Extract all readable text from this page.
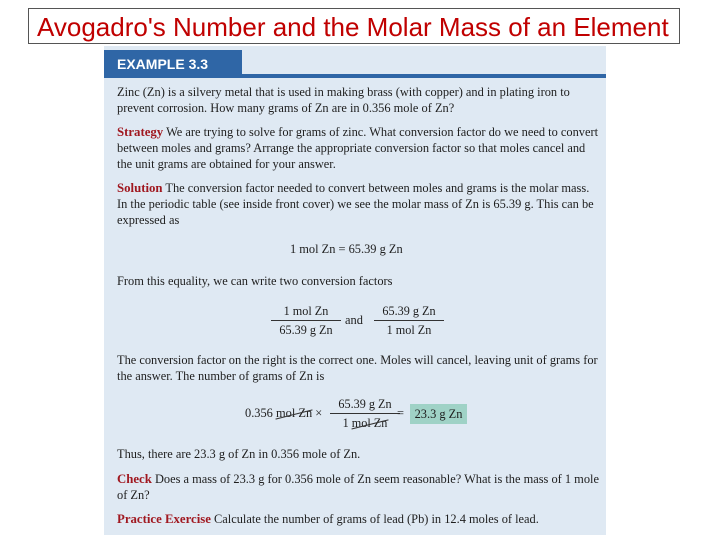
Avogadro's Number and the Molar Mass of an Element
EXAMPLE 3.3
Zinc (Zn) is a silvery metal that is used in making brass (with copper) and in plating iron to prevent corrosion. How many grams of Zn are in 0.356 mole of Zn?
Strategy We are trying to solve for grams of zinc. What conversion factor do we need to convert between moles and grams? Arrange the appropriate conversion factor so that moles cancel and the unit grams are obtained for your answer.
Solution The conversion factor needed to convert between moles and grams is the molar mass. In the periodic table (see inside front cover) we see the molar mass of Zn is 65.39 g. This can be expressed as
1 mol Zn = 65.39 g Zn
From this equality, we can write two conversion factors
1 mol Zn
65.39 g Zn
and
65.39 g Zn
1 mol Zn
The conversion factor on the right is the correct one. Moles will cancel, leaving unit of grams for the answer. The number of grams of Zn is
0.356 mol Zn ×
65.39 g Zn
1 mol Zn
= 23.3 g Zn
Thus, there are 23.3 g of Zn in 0.356 mole of Zn.
Check Does a mass of 23.3 g for 0.356 mole of Zn seem reasonable? What is the mass of 1 mole of Zn?
Practice Exercise Calculate the number of grams of lead (Pb) in 12.4 moles of lead.
